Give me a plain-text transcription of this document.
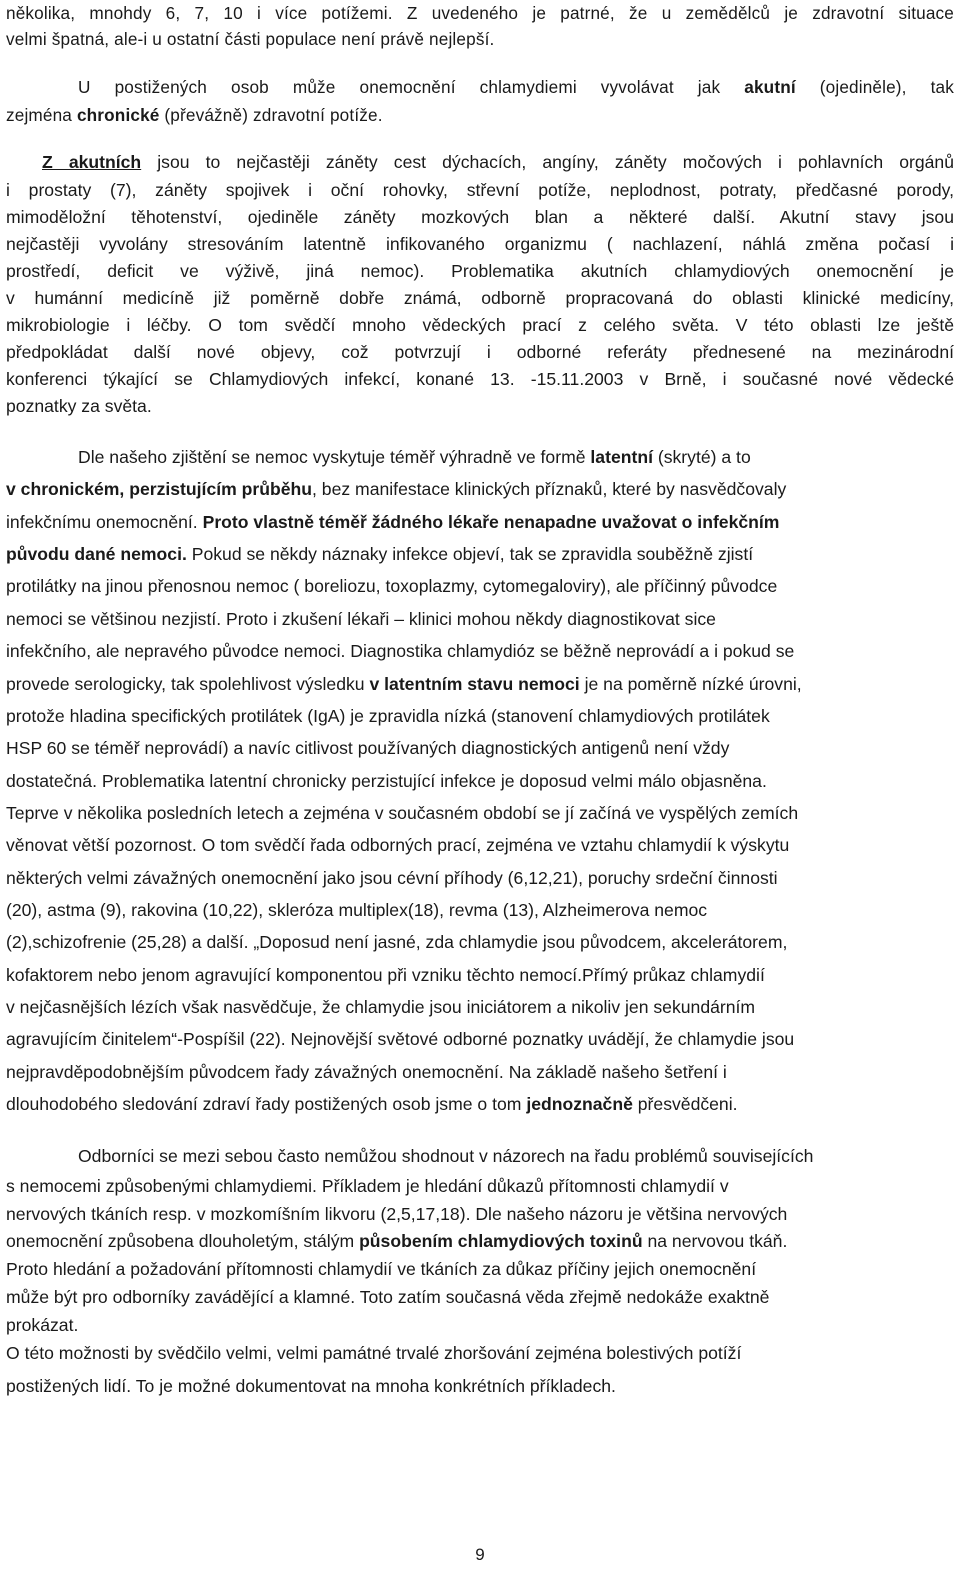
několika, mnohdy 6, 7, 10 i více potížemi. Z uvedeného je patrné, že u zemědělců je zdravotní situace
velmi špatná, ale-i u ostatní části populace není právě nejlepší.
U postižených osob může onemocnění chlamydiemi vyvolávat jak akutní (ojediněle), tak
zejména chronické (převážně) zdravotní potíže.
Z akutních jsou to nejčastěji záněty cest dýchacích, angíny, záněty močových i pohlavních orgánů
i prostaty (7), záněty spojivek i oční rohovky, střevní potíže, neplodnost, potraty, předčasné porody,
mimoděložní těhotenství, ojediněle záněty mozkových blan a některé další. Akutní stavy jsou
nejčastěji vyvolány stresováním latentně infikovaného organizmu ( nachlazení, náhlá změna počasí i
prostředí, deficit ve výživě, jiná nemoc). Problematika akutních chlamydiových onemocnění je
v humánní medicíně již poměrně dobře známá, odborně propracovaná do oblasti klinické medicíny,
mikrobiologie i léčby. O tom svědčí mnoho vědeckých prací z celého světa. V této oblasti lze ještě
předpokládat další nové objevy, což potvrzují i odborné referáty přednesené na mezinárodní
konferenci týkající se Chlamydiových infekcí, konané 13. -15.11.2003 v Brně, i současné nové vědecké
poznatky za světa.
Dle našeho zjištění se nemoc vyskytuje téměř výhradně ve formě latentní (skryté) a to
v chronickém, perzistujícím průběhu, bez manifestace klinických příznaků, které by nasvědčovaly
infekčnímu onemocnění. Proto vlastně téměř žádného lékaře nenapadne uvažovat o infekčním
původu dané nemoci. Pokud se někdy náznaky infekce objeví, tak se zpravidla souběžně zjistí
protilátky na jinou přenosnou nemoc ( boreliozu, toxoplazmy, cytomegaloviry), ale příčinný původce
nemoci se většinou nezjistí. Proto i zkušení lékaři – klinici mohou někdy diagnostikovat sice
infekčního, ale nepravého původce nemoci. Diagnostika chlamydióz se běžně neprovádí a i pokud se
provede serologicky, tak spolehlivost výsledku v latentním stavu nemoci je na poměrně nízké úrovni,
protože hladina specifických protilátek (IgA) je zpravidla nízká (stanovení chlamydiových protilátek
HSP 60 se téměř neprovádí) a navíc citlivost používaných diagnostických antigenů není vždy
dostatečná. Problematika latentní chronicky perzistující infekce je doposud velmi málo objasněna.
Teprve v několika posledních letech a zejména v současném období se jí začíná ve vyspělých zemích
věnovat větší pozornost. O tom svědčí řada odborných prací, zejména ve vztahu chlamydií k výskytu
některých velmi závažných onemocnění jako jsou cévní příhody (6,12,21), poruchy srdeční činnosti
(20), astma (9), rakovina (10,22), skleróza multiplex(18), revma (13), Alzheimerova nemoc
(2),schizofrenie (25,28) a další. „Doposud není jasné, zda chlamydie jsou původcem, akcelerátorem,
kofaktorem nebo jenom agravující komponentou při vzniku těchto nemocí.Přímý průkaz chlamydií
v nejčasnějších lézích však nasvědčuje, že chlamydie jsou iniciátorem a nikoliv jen sekundárním
agravujícím činitelem“-Pospíšil (22). Nejnovější světové odborné poznatky uvádějí, že chlamydie jsou
nejpravděpodobnějším původcem řady závažných onemocnění. Na základě našeho šetření i
dlouhodobého sledování zdraví řady postižených osob jsme o tom jednoznačně přesvědčeni.
Odborníci se mezi sebou často nemůžou shodnout v názorech na řadu problémů souvisejících
s nemocemi způsobenými chlamydiemi. Příkladem je hledání důkazů přítomnosti chlamydií v
nervových tkáních resp. v mozkomíšním likvoru (2,5,17,18). Dle našeho názoru je většina nervových
onemocnění způsobena dlouholetým, stálým působením chlamydiových toxinů na nervovou tkáň.
Proto hledání a požadování přítomnosti chlamydií ve tkáních za důkaz příčiny jejich onemocnění
může být pro odborníky zavádějící a klamné. Toto zatím současná věda zřejmě nedokáže exaktně
prokázat.
O této možnosti by svědčilo velmi, velmi památné trvalé zhoršování zejména bolestivých potíží
postižených lidí. To je možné dokumentovat na mnoha konkrétních příkladech.
9
